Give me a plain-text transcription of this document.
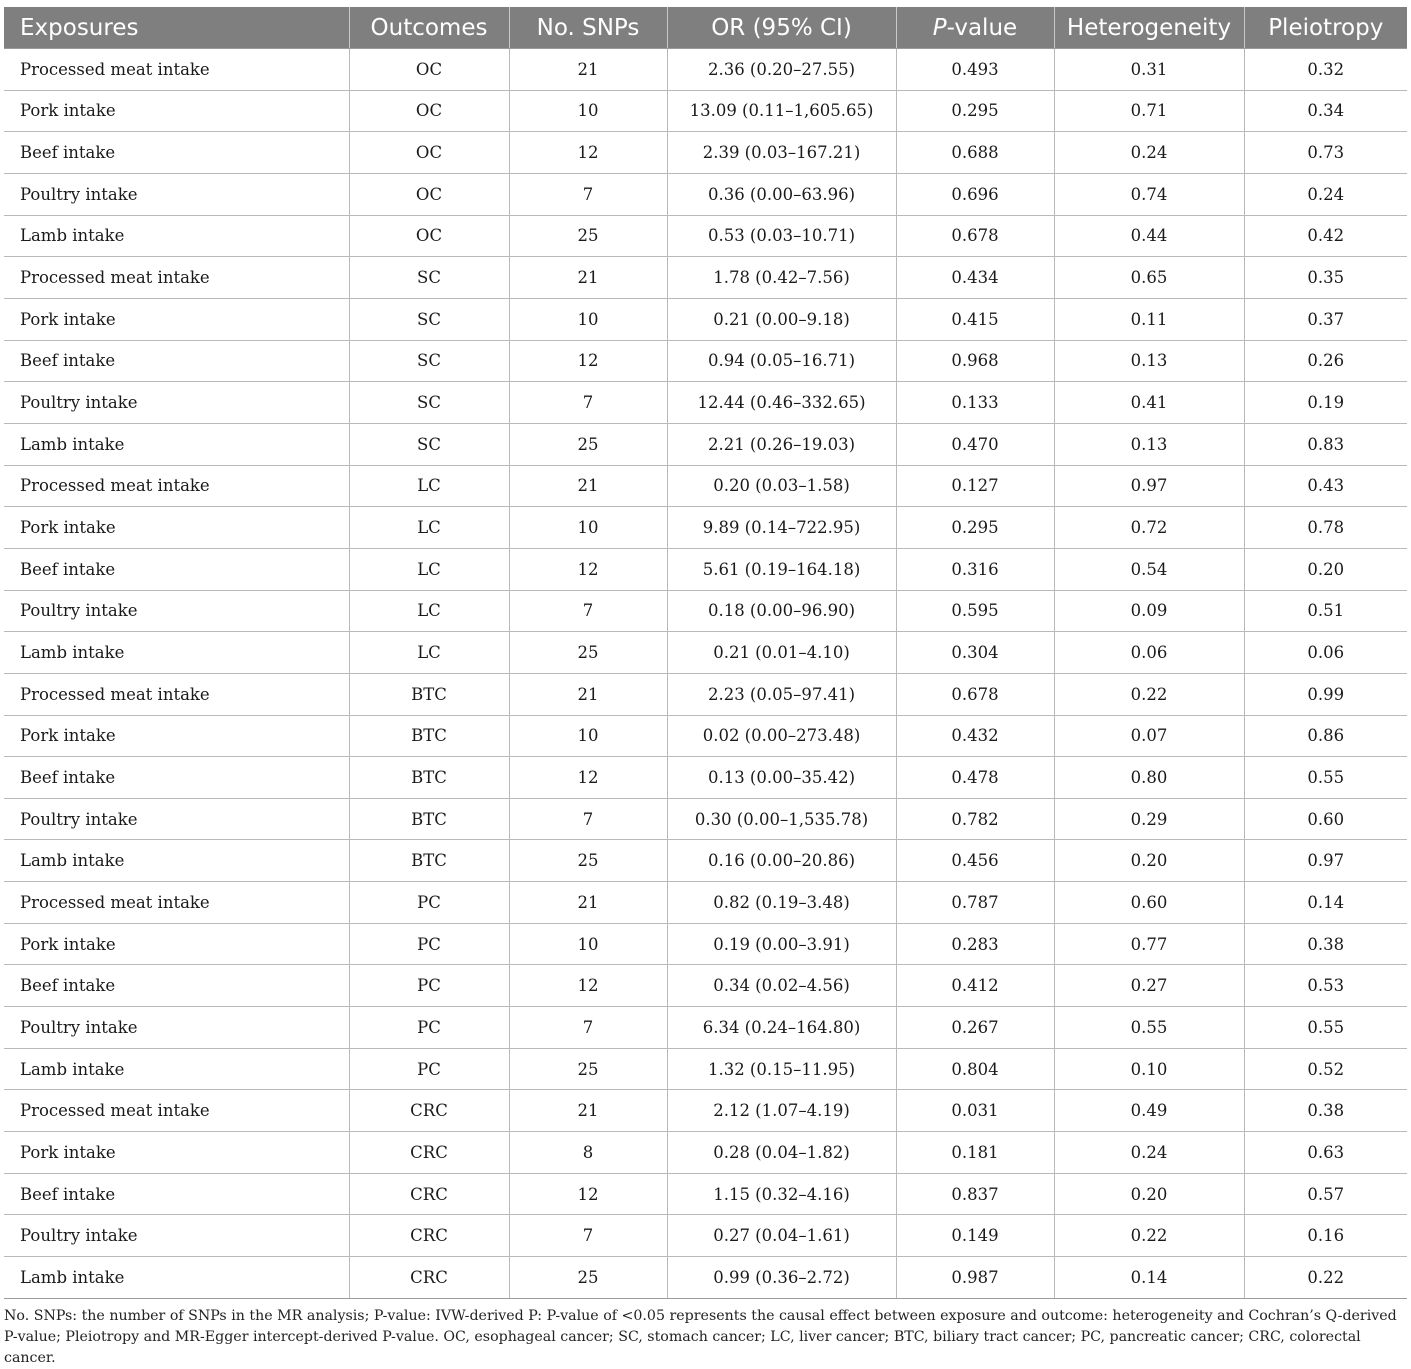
Exposures	Outcomes	No. SNPs	OR (95% CI)	P-value	Heterogeneity	Pleiotropy
Processed meat intake	OC	21	2.36 (0.20–27.55)	0.493	0.31	0.32
Pork intake	OC	10	13.09 (0.11–1,605.65)	0.295	0.71	0.34
Beef intake	OC	12	2.39 (0.03–167.21)	0.688	0.24	0.73
Poultry intake	OC	7	0.36 (0.00–63.96)	0.696	0.74	0.24
Lamb intake	OC	25	0.53 (0.03–10.71)	0.678	0.44	0.42
Processed meat intake	SC	21	1.78 (0.42–7.56)	0.434	0.65	0.35
Pork intake	SC	10	0.21 (0.00–9.18)	0.415	0.11	0.37
Beef intake	SC	12	0.94 (0.05–16.71)	0.968	0.13	0.26
Poultry intake	SC	7	12.44 (0.46–332.65)	0.133	0.41	0.19
Lamb intake	SC	25	2.21 (0.26–19.03)	0.470	0.13	0.83
Processed meat intake	LC	21	0.20 (0.03–1.58)	0.127	0.97	0.43
Pork intake	LC	10	9.89 (0.14–722.95)	0.295	0.72	0.78
Beef intake	LC	12	5.61 (0.19–164.18)	0.316	0.54	0.20
Poultry intake	LC	7	0.18 (0.00–96.90)	0.595	0.09	0.51
Lamb intake	LC	25	0.21 (0.01–4.10)	0.304	0.06	0.06
Processed meat intake	BTC	21	2.23 (0.05–97.41)	0.678	0.22	0.99
Pork intake	BTC	10	0.02 (0.00–273.48)	0.432	0.07	0.86
Beef intake	BTC	12	0.13 (0.00–35.42)	0.478	0.80	0.55
Poultry intake	BTC	7	0.30 (0.00–1,535.78)	0.782	0.29	0.60
Lamb intake	BTC	25	0.16 (0.00–20.86)	0.456	0.20	0.97
Processed meat intake	PC	21	0.82 (0.19–3.48)	0.787	0.60	0.14
Pork intake	PC	10	0.19 (0.00–3.91)	0.283	0.77	0.38
Beef intake	PC	12	0.34 (0.02–4.56)	0.412	0.27	0.53
Poultry intake	PC	7	6.34 (0.24–164.80)	0.267	0.55	0.55
Lamb intake	PC	25	1.32 (0.15–11.95)	0.804	0.10	0.52
Processed meat intake	CRC	21	2.12 (1.07–4.19)	0.031	0.49	0.38
Pork intake	CRC	8	0.28 (0.04–1.82)	0.181	0.24	0.63
Beef intake	CRC	12	1.15 (0.32–4.16)	0.837	0.20	0.57
Poultry intake	CRC	7	0.27 (0.04–1.61)	0.149	0.22	0.16
Lamb intake	CRC	25	0.99 (0.36–2.72)	0.987	0.14	0.22
No. SNPs: the number of SNPs in the MR analysis; P-value: IVW-derived P: P-value of <0.05 represents the causal effect between exposure and outcome: heterogeneity and Cochran’s Q-derived
P-value; Pleiotropy and MR-Egger intercept-derived P-value. OC, esophageal cancer; SC, stomach cancer; LC, liver cancer; BTC, biliary tract cancer; PC, pancreatic cancer; CRC, colorectal cancer.
